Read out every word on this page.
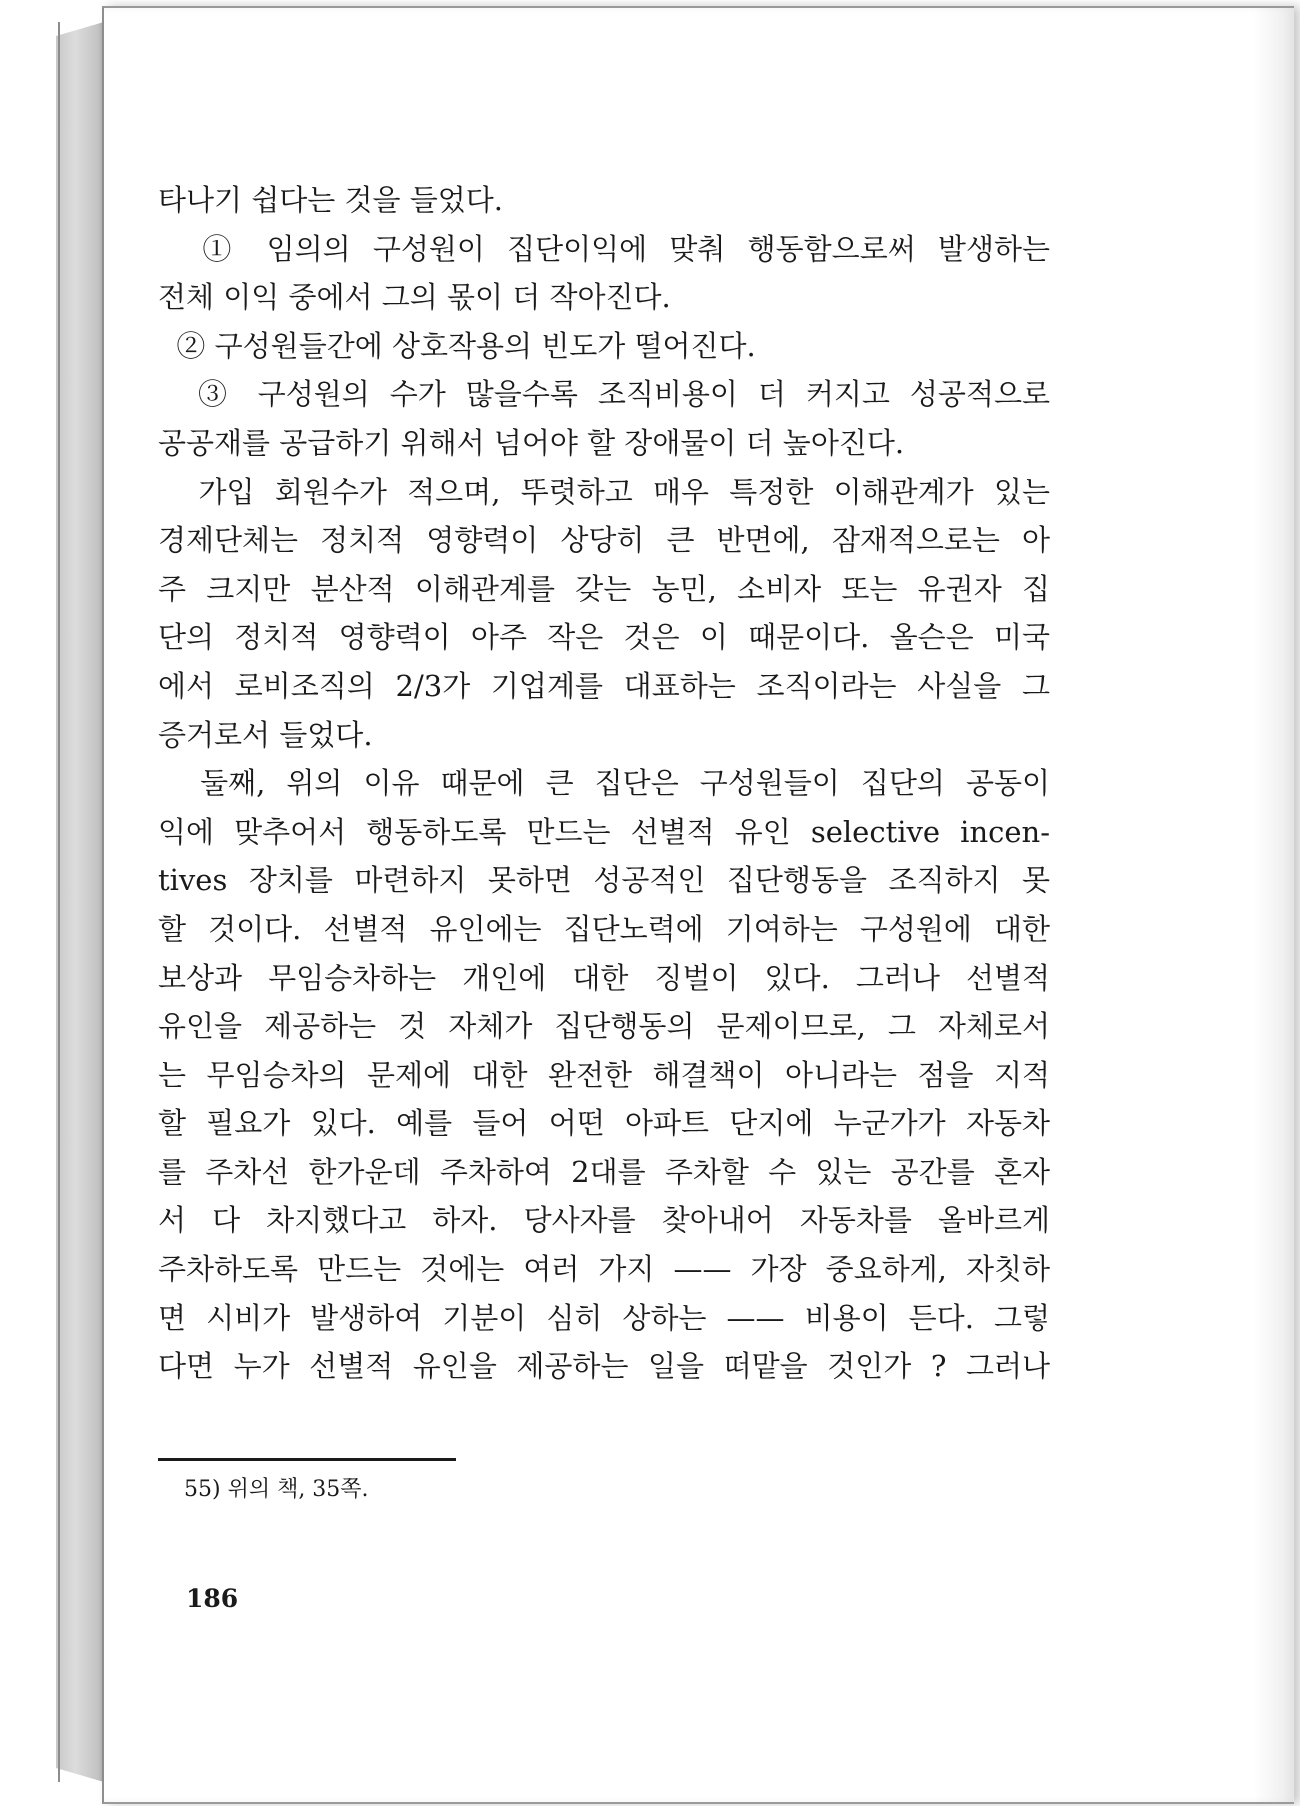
타나기 쉽다는 것을 들었다.
① 임의의 구성원이 집단이익에 맞춰 행동함으로써 발생하는
전체 이익 중에서 그의 몫이 더 작아진다.
② 구성원들간에 상호작용의 빈도가 떨어진다.
③ 구성원의 수가 많을수록 조직비용이 더 커지고 성공적으로
공공재를 공급하기 위해서 넘어야 할 장애물이 더 높아진다.
가입 회원수가 적으며, 뚜렷하고 매우 특정한 이해관계가 있는
경제단체는 정치적 영향력이 상당히 큰 반면에, 잠재적으로는 아
주 크지만 분산적 이해관계를 갖는 농민, 소비자 또는 유권자 집
단의 정치적 영향력이 아주 작은 것은 이 때문이다. 올슨은 미국
에서 로비조직의 2/3가 기업계를 대표하는 조직이라는 사실을 그
증거로서 들었다.
둘째, 위의 이유 때문에 큰 집단은 구성원들이 집단의 공동이
익에 맞추어서 행동하도록 만드는 선별적 유인 selective incen-
tives 장치를 마련하지 못하면 성공적인 집단행동을 조직하지 못
할 것이다. 선별적 유인에는 집단노력에 기여하는 구성원에 대한
보상과 무임승차하는 개인에 대한 징벌이 있다. 그러나 선별적
유인을 제공하는 것 자체가 집단행동의 문제이므로, 그 자체로서
는 무임승차의 문제에 대한 완전한 해결책이 아니라는 점을 지적
할 필요가 있다. 예를 들어 어떤 아파트 단지에 누군가가 자동차
를 주차선 한가운데 주차하여 2대를 주차할 수 있는 공간를 혼자
서 다 차지했다고 하자. 당사자를 찾아내어 자동차를 올바르게
주차하도록 만드는 것에는 여러 가지 —— 가장 중요하게, 자칫하
면 시비가 발생하여 기분이 심히 상하는 —— 비용이 든다. 그렇
다면 누가 선별적 유인을 제공하는 일을 떠맡을 것인가 ? 그러나
55) 위의 책, 35쪽.
186
